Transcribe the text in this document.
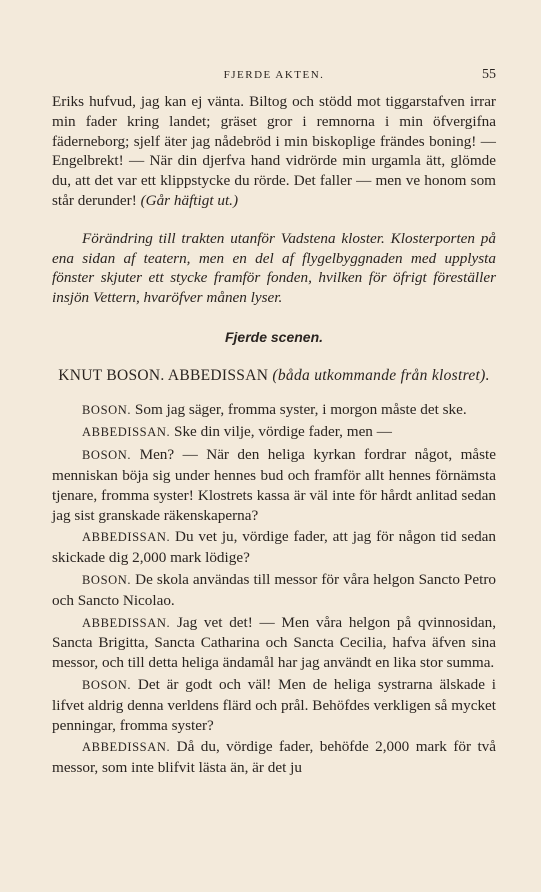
FJERDE AKTEN.	55

Eriks hufvud, jag kan ej vänta. Biltog och stödd mot tiggarstafven irrar min fader kring landet; gräset gror i remnorna i min öfvergifna fäderneborg; sjelf äter jag nådebröd i min biskoplige frändes boning! — Engelbrekt! — När din djerfva hand vidrörde min urgamla ätt, glömde du, att det var ett klippstycke du rörde. Det faller — men ve honom som står derunder! (Går häftigt ut.)

Förändring till trakten utanför Vadstena kloster. Klosterporten på ena sidan af teatern, men en del af flygelbyggnaden med upplysta fönster skjuter ett stycke framför fonden, hvilken för öfrigt föreställer insjön Vettern, hvaröfver månen lyser.

Fjerde scenen.

KNUT BOSON. ABBEDISSAN (båda utkommande från klostret).

BOSON. Som jag säger, fromma syster, i morgon måste det ske.

ABBEDISSAN. Ske din vilje, vördige fader, men —

BOSON. Men? — När den heliga kyrkan fordrar något, måste menniskan böja sig under hennes bud och framför allt hennes förnämsta tjenare, fromma syster! Klostrets kassa är väl inte för hårdt anlitad sedan jag sist granskade räkenskaperna?

ABBEDISSAN. Du vet ju, vördige fader, att jag för någon tid sedan skickade dig 2,000 mark lödige?

BOSON. De skola användas till messor för våra helgon Sancto Petro och Sancto Nicolao.

ABBEDISSAN. Jag vet det! — Men våra helgon på qvinnosidan, Sancta Brigitta, Sancta Catharina och Sancta Cecilia, hafva äfven sina messor, och till detta heliga ändamål har jag användt en lika stor summa.

BOSON. Det är godt och väl! Men de heliga systrarna älskade i lifvet aldrig denna verldens flärd och prål. Behöfdes verkligen så mycket penningar, fromma syster?

ABBEDISSAN. Då du, vördige fader, behöfde 2,000 mark för två messor, som inte blifvit lästa än, är det ju
